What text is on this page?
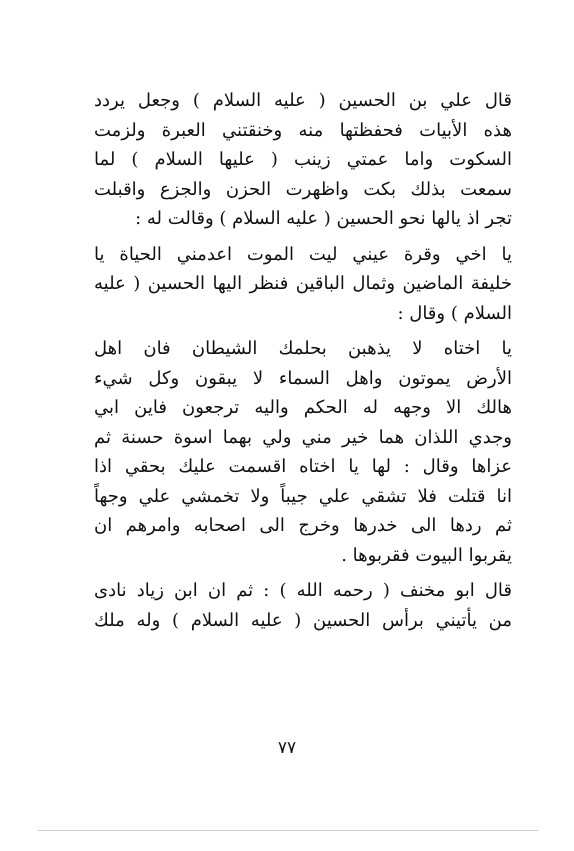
قال علي بن الحسين ( عليه السلام ) وجعل يردد
هذه الأبيات فحفظتها منه وخنقتني العبرة ولزمت
السكوت واما عمتي زينب ( عليها السلام ) لما
سمعت بذلك بكت واظهرت الحزن والجزع واقبلت
تجر اذ يالها نحو الحسين ( عليه السلام ) وقالت له :

يا اخي وقرة عيني ليت الموت اعدمني الحياة يا
خليفة الماضين وثمال الباقين فنظر اليها الحسين ( عليه
السلام ) وقال :

يا اختاه لا يذهبن بحلمك الشيطان فان اهل
الأرض يموتون واهل السماء لا يبقون وكل شيء
هالك الا وجهه له الحكم واليه ترجعون فاين ابي
وجدي اللذان هما خير مني ولي بهما اسوة حسنة ثم
عزاها وقال : لها يا اختاه اقسمت عليك بحقي اذا
انا قتلت فلا تشقي علي جيباً ولا تخمشي علي وجهاً
ثم ردها الى خدرها وخرج الى اصحابه وامرهم ان
يقربوا البيوت فقربوها .

قال ابو مخنف ( رحمه الله ) : ثم ان ابن زياد نادى
من يأتيني برأس الحسين ( عليه السلام ) وله ملك

٧٧
